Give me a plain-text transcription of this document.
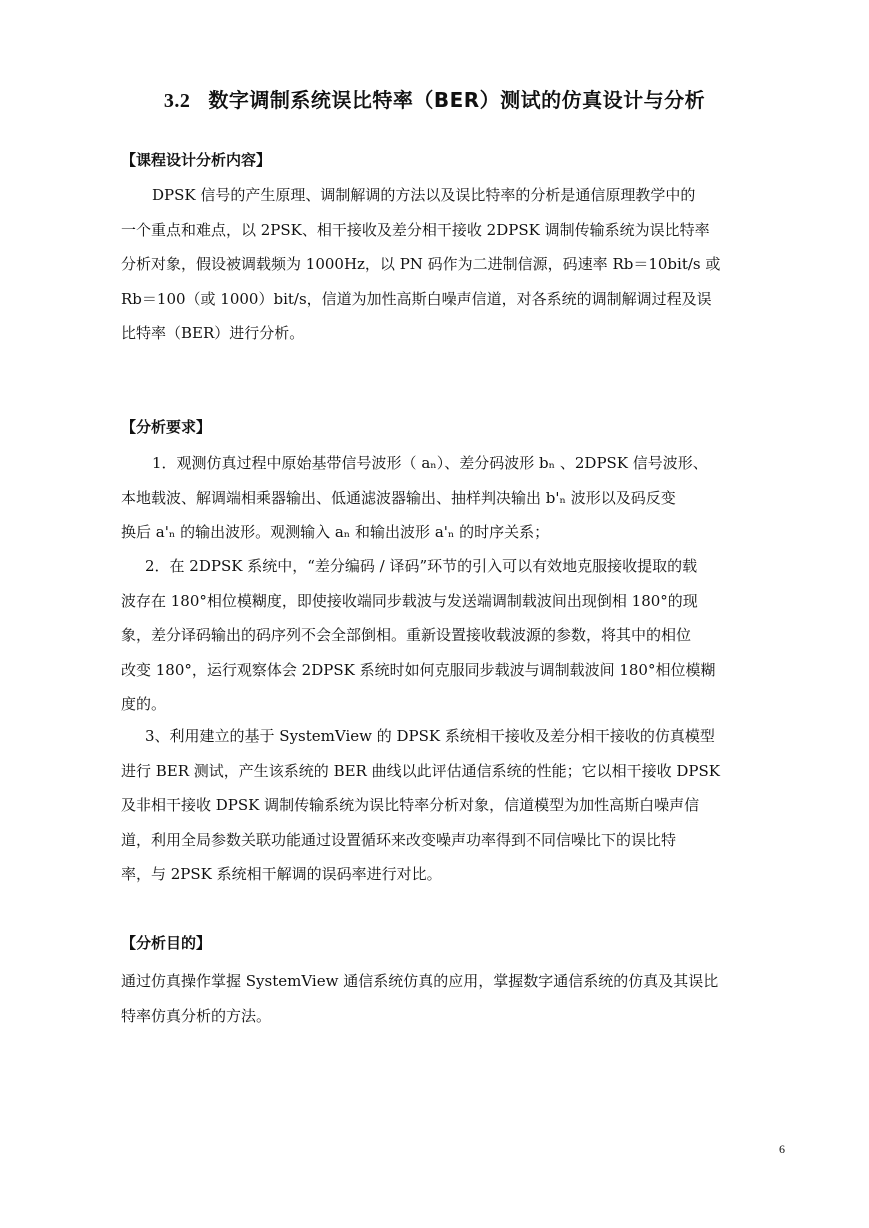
3.2 数字调制系统误比特率（BER）测试的仿真设计与分析
【课程设计分析内容】
DPSK 信号的产生原理、调制解调的方法以及误比特率的分析是通信原理教学中的
一个重点和难点，以 2PSK、相干接收及差分相干接收 2DPSK 调制传输系统为误比特率
分析对象，假设被调载频为 1000Hz，以 PN 码作为二进制信源，码速率 Rb＝10bit/s 或
Rb＝100（或 1000）bit/s，信道为加性高斯白噪声信道，对各系统的调制解调过程及误
比特率（BER）进行分析。
【分析要求】
1．观测仿真过程中原始基带信号波形（ aₙ）、差分码波形 bₙ 、2DPSK 信号波形、
本地载波、解调端相乘器输出、低通滤波器输出、抽样判决输出 b'ₙ 波形以及码反变
换后 a'ₙ 的输出波形。观测输入 aₙ 和输出波形 a'ₙ 的时序关系；
2．在 2DPSK 系统中，“差分编码 / 译码”环节的引入可以有效地克服接收提取的载
波存在 180°相位模糊度，即使接收端同步载波与发送端调制载波间出现倒相 180°的现
象，差分译码输出的码序列不会全部倒相。重新设置接收载波源的参数，将其中的相位
改变 180°，运行观察体会 2DPSK 系统时如何克服同步载波与调制载波间 180°相位模糊
度的。
3、利用建立的基于 SystemView 的 DPSK 系统相干接收及差分相干接收的仿真模型
进行 BER 测试，产生该系统的 BER 曲线以此评估通信系统的性能；它以相干接收 DPSK
及非相干接收 DPSK 调制传输系统为误比特率分析对象，信道模型为加性高斯白噪声信
道，利用全局参数关联功能通过设置循环来改变噪声功率得到不同信噪比下的误比特
率，与 2PSK 系统相干解调的误码率进行对比。
【分析目的】
通过仿真操作掌握 SystemView 通信系统仿真的应用，掌握数字通信系统的仿真及其误比
特率仿真分析的方法。
6
